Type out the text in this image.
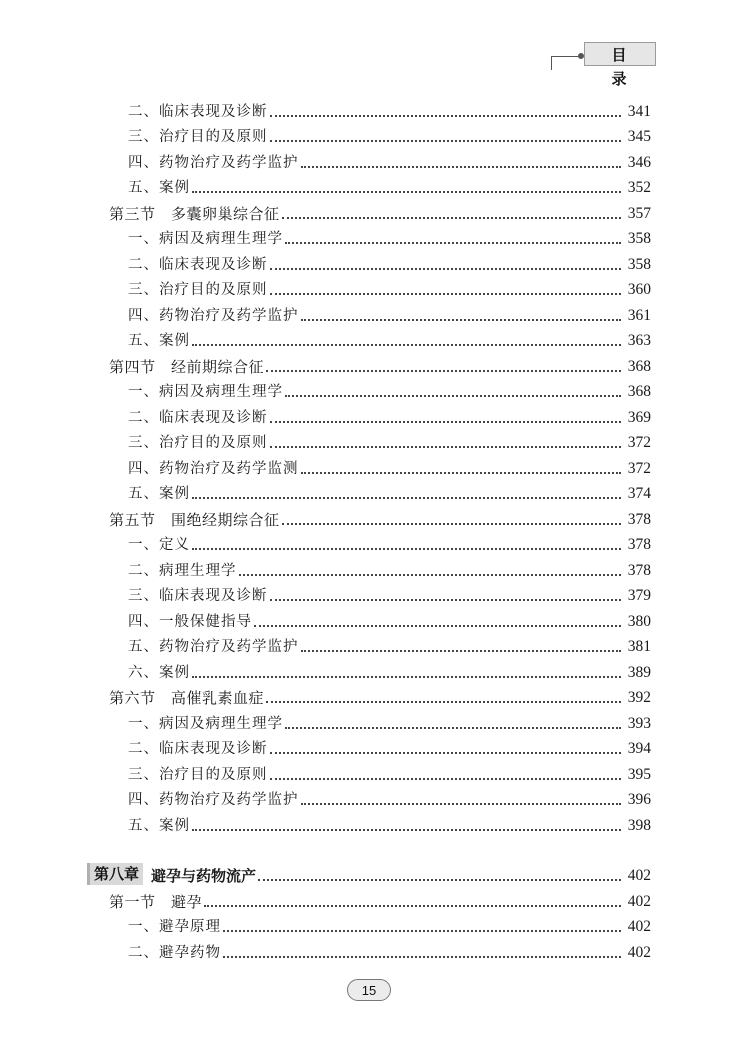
目 录
二、临床表现及诊断	341
三、治疗目的及原则	345
四、药物治疗及药学监护	346
五、案例	352
第三节　多囊卵巢综合征	357
一、病因及病理生理学	358
二、临床表现及诊断	358
三、治疗目的及原则	360
四、药物治疗及药学监护	361
五、案例	363
第四节　经前期综合征	368
一、病因及病理生理学	368
二、临床表现及诊断	369
三、治疗目的及原则	372
四、药物治疗及药学监测	372
五、案例	374
第五节　围绝经期综合征	378
一、定义	378
二、病理生理学	378
三、临床表现及诊断	379
四、一般保健指导	380
五、药物治疗及药学监护	381
六、案例	389
第六节　高催乳素血症	392
一、病因及病理生理学	393
二、临床表现及诊断	394
三、治疗目的及原则	395
四、药物治疗及药学监护	396
五、案例	398
第八章 避孕与药物流产	402
第一节　避孕	402
一、避孕原理	402
二、避孕药物	402
15
